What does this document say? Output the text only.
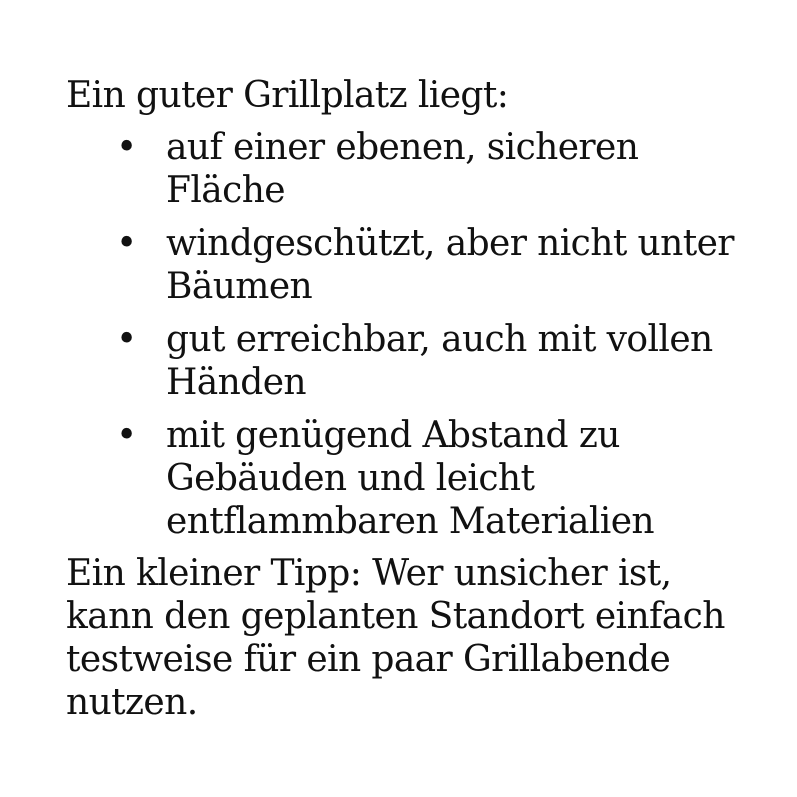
Ein guter Grillplatz liegt:

• auf einer ebenen, sicheren Fläche
• windgeschützt, aber nicht unter Bäumen
• gut erreichbar, auch mit vollen Händen
• mit genügend Abstand zu Gebäuden und leicht entflammbaren Materialien

Ein kleiner Tipp: Wer unsicher ist, kann den geplanten Standort einfach testweise für ein paar Grillabende nutzen.
